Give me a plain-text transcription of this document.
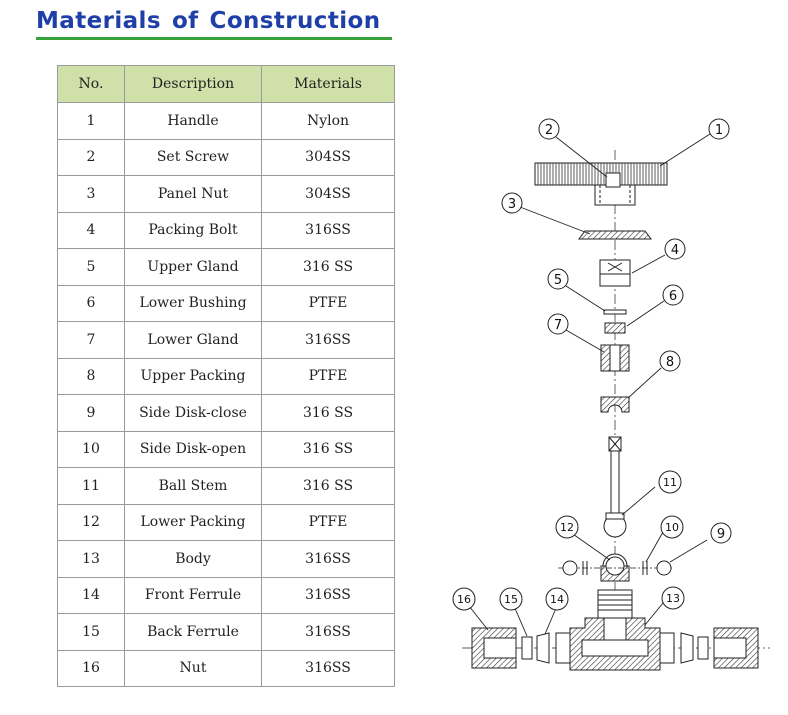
Materials of Construction
No.	Description	Materials
1	Handle	Nylon
2	Set Screw	304SS
3	Panel Nut	304SS
4	Packing Bolt	316SS
5	Upper Gland	316 SS
6	Lower Bushing	PTFE
7	Lower Gland	316SS
8	Upper Packing	PTFE
9	Side Disk-close	316 SS
10	Side Disk-open	316 SS
11	Ball Stem	316 SS
12	Lower Packing	PTFE
13	Body	316SS
14	Front Ferrule	316SS
15	Back Ferrule	316SS
16	Nut	316SS
1
2
3
4
5
6
7
8
11
12	10	9
13
14
15
16
